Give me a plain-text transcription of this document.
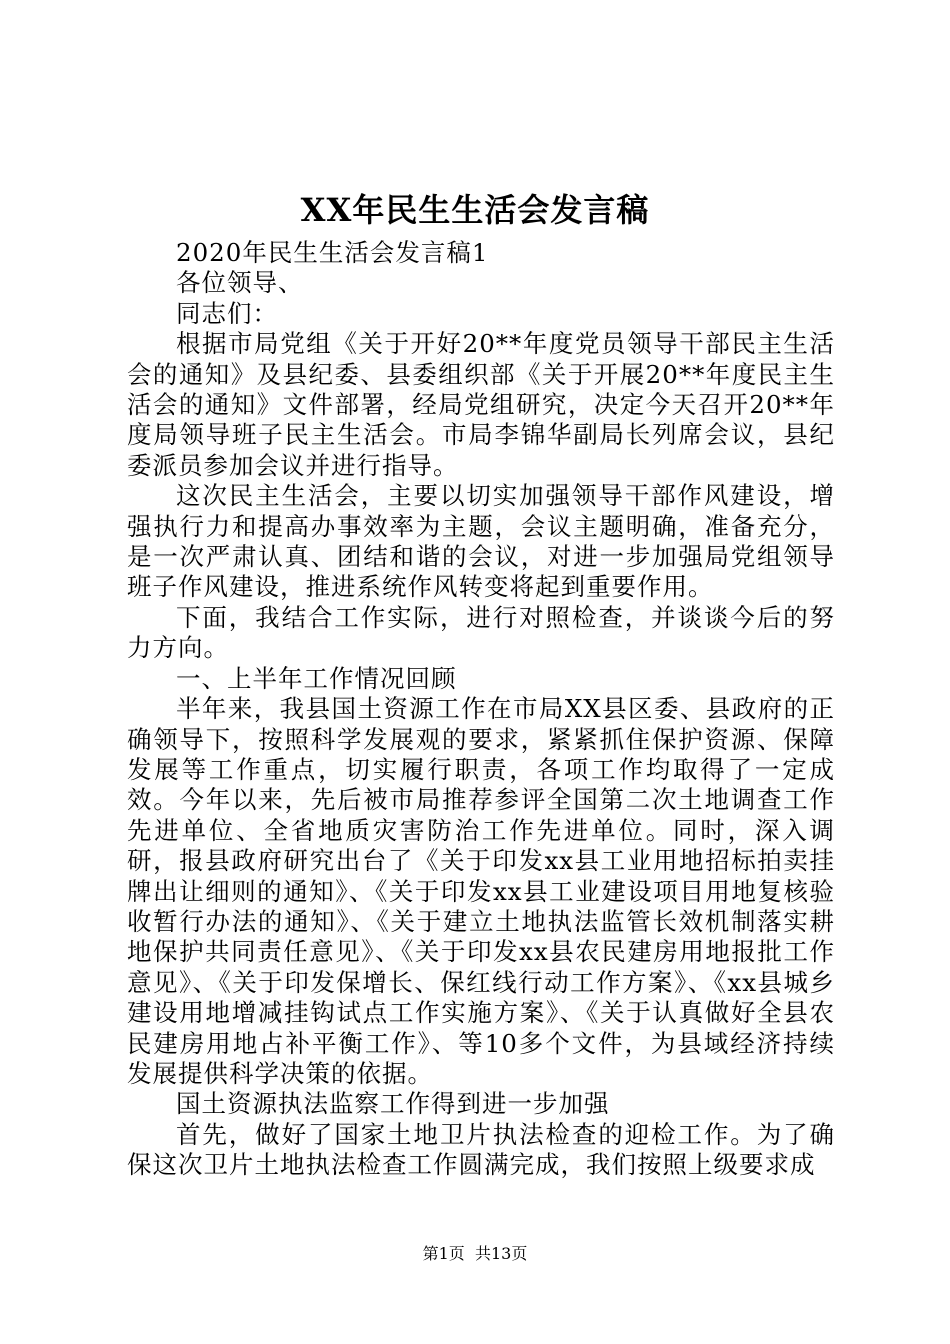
XX年民生生活会发言稿

2020年民生生活会发言稿1

各位领导、

同志们：

根据市局党组《关于开好20**年度党员领导干部民主生活会的通知》及县纪委、县委组织部《关于开展20**年度民主生活会的通知》文件部署，经局党组研究，决定今天召开20**年度局领导班子民主生活会。市局李锦华副局长列席会议，县纪委派员参加会议并进行指导。

这次民主生活会，主要以切实加强领导干部作风建设，增强执行力和提高办事效率为主题，会议主题明确，准备充分，是一次严肃认真、团结和谐的会议，对进一步加强局党组领导班子作风建设，推进系统作风转变将起到重要作用。

下面，我结合工作实际，进行对照检查，并谈谈今后的努力方向。

一、上半年工作情况回顾

半年来，我县国土资源工作在市局XX县区委、县政府的正确领导下，按照科学发展观的要求，紧紧抓住保护资源、保障发展等工作重点，切实履行职责，各项工作均取得了一定成效。今年以来，先后被市局推荐参评全国第二次土地调查工作先进单位、全省地质灾害防治工作先进单位。同时，深入调研，报县政府研究出台了《关于印发xx县工业用地招标拍卖挂牌出让细则的通知》、《关于印发xx县工业建设项目用地复核验收暂行办法的通知》、《关于建立土地执法监管长效机制落实耕地保护共同责任意见》、《关于印发xx县农民建房用地报批工作意见》、《关于印发保增长、保红线行动工作方案》、《xx县城乡建设用地增减挂钩试点工作实施方案》、《关于认真做好全县农民建房用地占补平衡工作》、等10多个文件，为县域经济持续发展提供科学决策的依据。

国土资源执法监察工作得到进一步加强

首先，做好了国家土地卫片执法检查的迎检工作。为了确保这次卫片土地执法检查工作圆满完成，我们按照上级要求成

第1页 共13页
